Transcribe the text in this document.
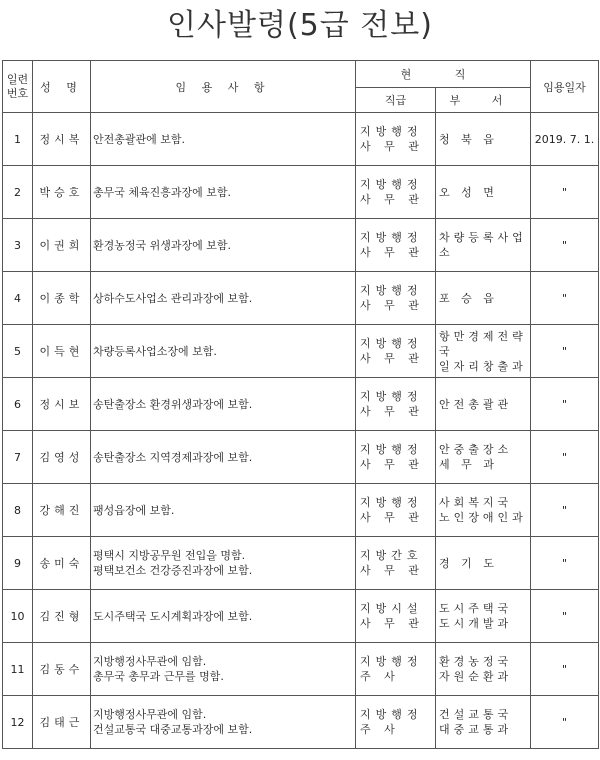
인사발령(5급 전보)
일련
번호	성 명	임 용 사 항	현 직		임용일자
			직급	부 서	
1	정시복	안전총괄관에 보함.	지방행정
사 무 관	청 북 읍	2019. 7. 1.
2	박승호	총무국 체육진흥과장에 보함.	지방행정
사 무 관	오 성 면	"
3	이권희	환경농정국 위생과장에 보함.	지방행정
사 무 관	차량등록사업소	"
4	이종학	상하수도사업소 관리과장에 보함.	지방행정
사 무 관	포 승 읍	"
5	이득현	차량등록사업소장에 보함.	지방행정
사 무 관	항만경제전략국
일자리창출과	"
6	정시보	송탄출장소 환경위생과장에 보함.	지방행정
사 무 관	안전총괄관	"
7	김영성	송탄출장소 지역경제과장에 보함.	지방행정
사 무 관	안중출장소
세 무 과	"
8	강해진	팽성읍장에 보함.	지방행정
사 무 관	사회복지국
노인장애인과	"
9	송미숙	평택시 지방공무원 전입을 명함.
평택보건소 건강증진과장에 보함.	지방간호
사 무 관	경 기 도	"
10	김진형	도시주택국 도시계획과장에 보함.	지방시설
사 무 관	도시주택국
도시개발과	"
11	김동수	지방행정사무관에 임함.
총무국 총무과 근무를 명함.	지방행정
주 사	환경농정국
자원순환과	"
12	김태근	지방행정사무관에 임함.
건설교통국 대중교통과장에 보함.	지방행정
주 사	건설교통국
대중교통과	"
